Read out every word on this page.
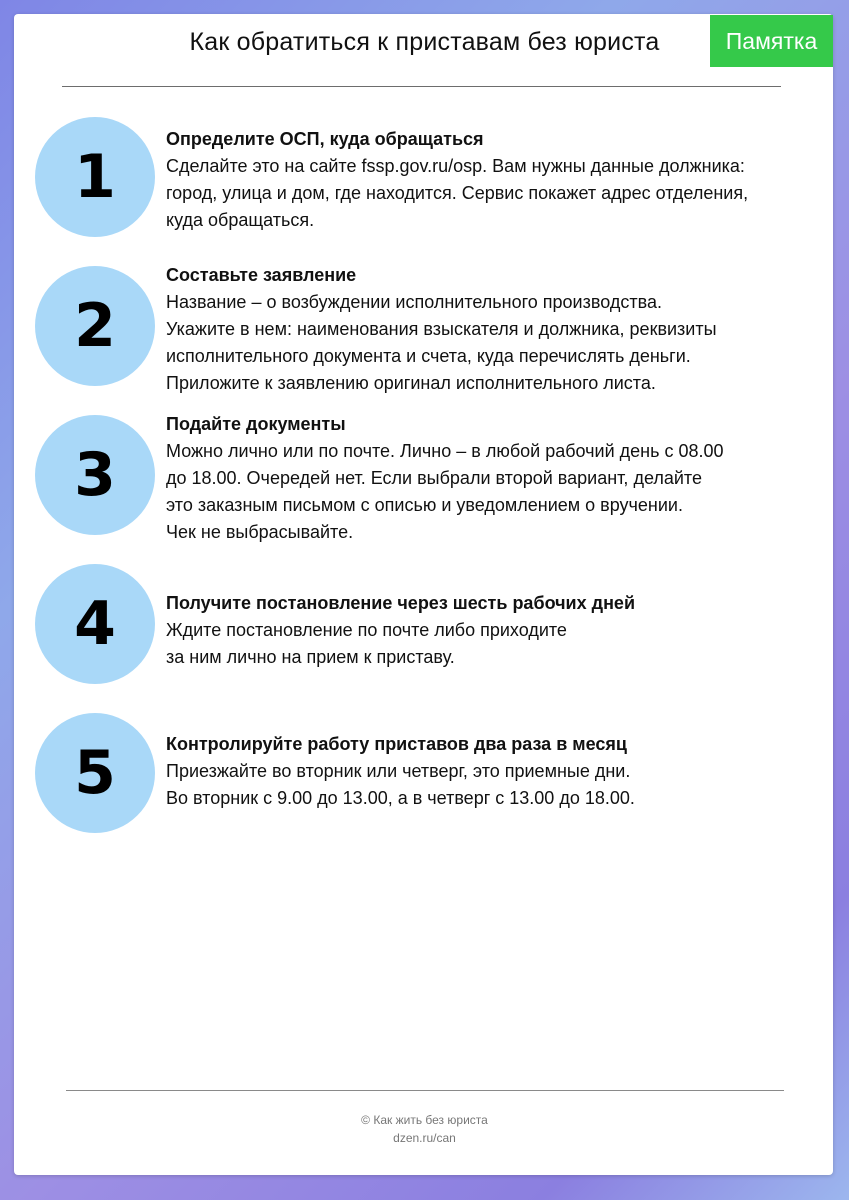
Как обратиться к приставам без юриста	Памятка
1
Определите ОСП, куда обращаться
Сделайте это на сайте fssp.gov.ru/osp. Вам нужны данные должника:
город, улица и дом, где находится. Сервис покажет адрес отделения,
куда обращаться.
2
Составьте заявление
Название – о возбуждении исполнительного производства.
Укажите в нем: наименования взыскателя и должника, реквизиты
исполнительного документа и счета, куда перечислять деньги.
Приложите к заявлению оригинал исполнительного листа.
3
Подайте документы
Можно лично или по почте. Лично – в любой рабочий день с 08.00
до 18.00. Очередей нет. Если выбрали второй вариант, делайте
это заказным письмом с описью и уведомлением о вручении.
Чек не выбрасывайте.
4	Получите постановление через шесть рабочих дней
Ждите постановление по почте либо приходите
за ним лично на прием к приставу.
5	Контролируйте работу приставов два раза в месяц
Приезжайте во вторник или четверг, это приемные дни.
Во вторник с 9.00 до 13.00, а в четверг с 13.00 до 18.00.
© Как жить без юриста
dzen.ru/can
